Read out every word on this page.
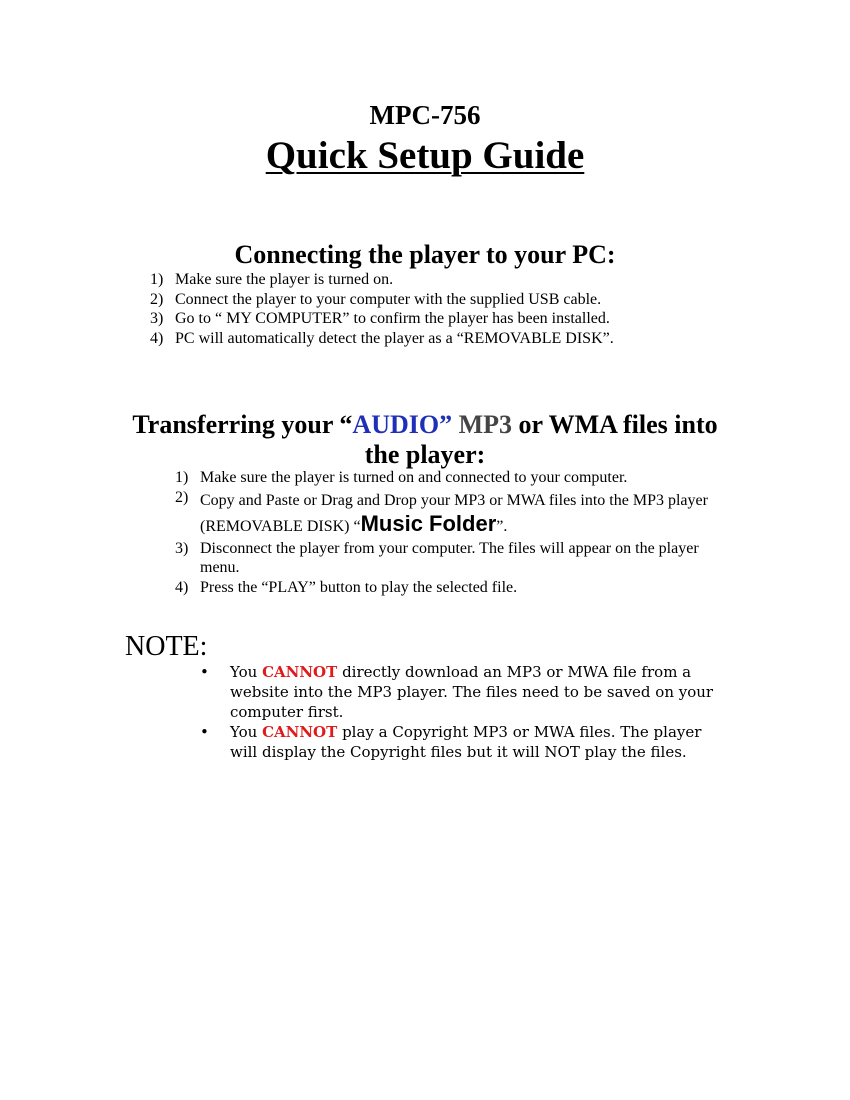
MPC-756
Quick Setup Guide
Connecting the player to your PC:
1) Make sure the player is turned on.
2) Connect the player to your computer with the supplied USB cable.
3) Go to “ MY COMPUTER” to confirm the player has been installed.
4) PC will automatically detect the player as a “REMOVABLE DISK”.
Transferring your “AUDIO” MP3 or WMA files into
the player:
1) Make sure the player is turned on and connected to your computer.
2) Copy and Paste or Drag and Drop your MP3 or MWA files into the MP3 player (REMOVABLE DISK) “Music Folder”.
3) Disconnect the player from your computer. The files will appear on the player menu.
4) Press the “PLAY” button to play the selected file.
NOTE:
• You CANNOT directly download an MP3 or MWA file from a website into the MP3 player. The files need to be saved on your computer first.
• You CANNOT play a Copyright MP3 or MWA files. The player will display the Copyright files but it will NOT play the files.
